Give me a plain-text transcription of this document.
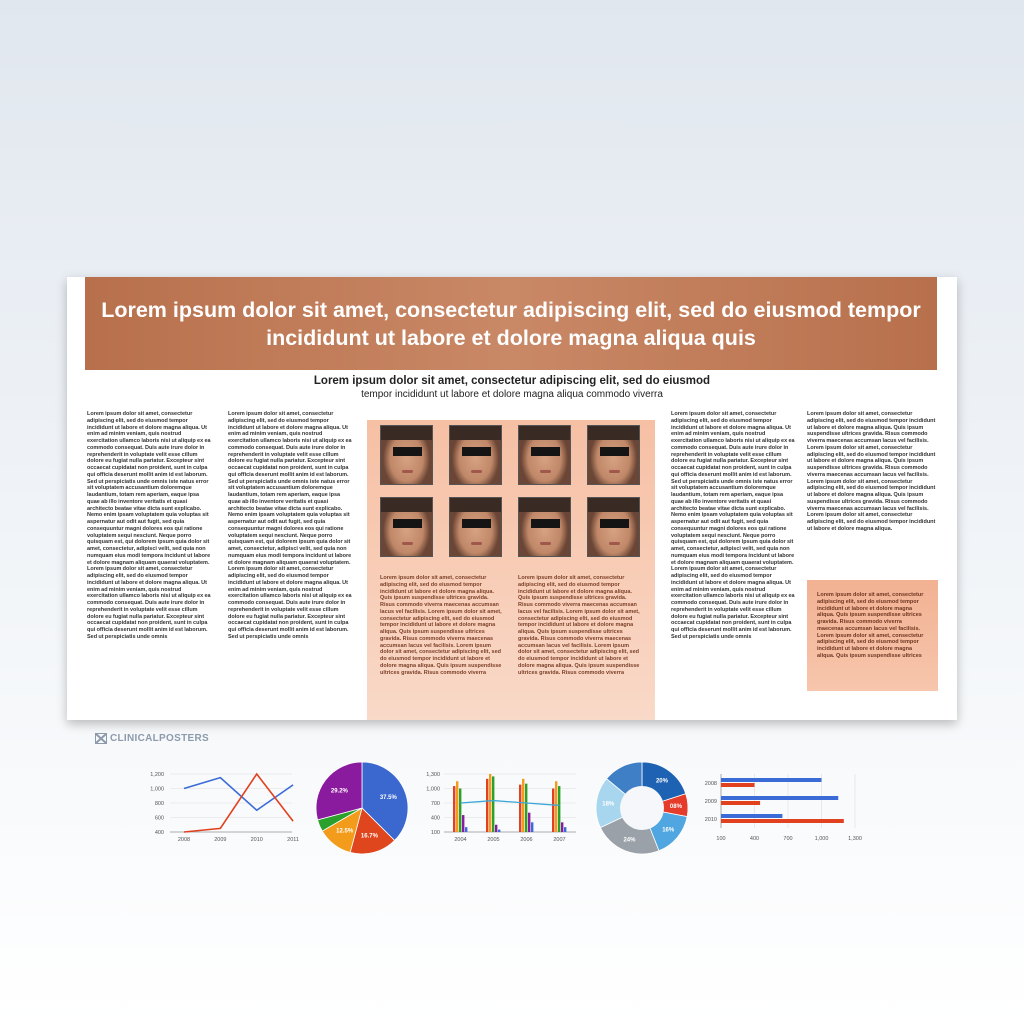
Lorem ipsum dolor sit amet, consectetur adipiscing elit, sed do eiusmod tempor incididunt ut labore et dolore magna aliqua quis
Lorem ipsum dolor sit amet, consectetur adipiscing elit, sed do eiusmod
tempor incididunt ut labore et dolore magna aliqua commodo viverra
Lorem ipsum dolor sit amet, consectetur adipiscing elit, sed do eiusmod tempor incididunt ut labore et dolore magna aliqua. Ut enim ad minim veniam, quis nostrud exercitation ullamco laboris nisi ut aliquip ex ea commodo consequat. Duis aute irure dolor in reprehenderit in voluptate velit esse cillum dolore eu fugiat nulla pariatur. Excepteur sint occaecat cupidatat non proident, sunt in culpa qui officia deserunt mollit anim id est laborum. Sed ut perspiciatis unde omnis iste natus error sit voluptatem accusantium doloremque laudantium, totam rem aperiam, eaque ipsa quae ab illo inventore veritatis et quasi architecto beatae vitae dicta sunt explicabo. Nemo enim ipsam voluptatem quia voluptas sit aspernatur aut odit aut fugit, sed quia consequuntur magni dolores eos qui ratione voluptatem sequi nesciunt. Neque porro quisquam est, qui dolorem ipsum quia dolor sit amet, consectetur, adipisci velit, sed quia non numquam eius modi tempora incidunt ut labore et dolore magnam aliquam quaerat voluptatem. Lorem ipsum dolor sit amet, consectetur adipiscing elit, sed do eiusmod tempor incididunt ut labore et dolore magna aliqua. Ut enim ad minim veniam, quis nostrud exercitation ullamco laboris nisi ut aliquip ex ea commodo consequat. Duis aute irure dolor in reprehenderit in voluptate velit esse cillum dolore eu fugiat nulla pariatur. Excepteur sint occaecat cupidatat non proident, sunt in culpa qui officia deserunt mollit anim id est laborum. Sed ut perspiciatis unde omnis
Lorem ipsum dolor sit amet, consectetur adipiscing elit, sed do eiusmod tempor incididunt ut labore et dolore magna aliqua. Ut enim ad minim veniam, quis nostrud exercitation ullamco laboris nisi ut aliquip ex ea commodo consequat. Duis aute irure dolor in reprehenderit in voluptate velit esse cillum dolore eu fugiat nulla pariatur. Excepteur sint occaecat cupidatat non proident, sunt in culpa qui officia deserunt mollit anim id est laborum. Sed ut perspiciatis unde omnis iste natus error sit voluptatem accusantium doloremque laudantium, totam rem aperiam, eaque ipsa quae ab illo inventore veritatis et quasi architecto beatae vitae dicta sunt explicabo. Nemo enim ipsam voluptatem quia voluptas sit aspernatur aut odit aut fugit, sed quia consequuntur magni dolores eos qui ratione voluptatem sequi nesciunt. Neque porro quisquam est, qui dolorem ipsum quia dolor sit amet, consectetur, adipisci velit, sed quia non numquam eius modi tempora incidunt ut labore et dolore magnam aliquam quaerat voluptatem. Lorem ipsum dolor sit amet, consectetur adipiscing elit, sed do eiusmod tempor incididunt ut labore et dolore magna aliqua. Ut enim ad minim veniam, quis nostrud exercitation ullamco laboris nisi ut aliquip ex ea commodo consequat. Duis aute irure dolor in reprehenderit in voluptate velit esse cillum dolore eu fugiat nulla pariatur. Excepteur sint occaecat cupidatat non proident, sunt in culpa qui officia deserunt mollit anim id est laborum. Sed ut perspiciatis unde omnis
Lorem ipsum dolor sit amet, consectetur adipiscing elit, sed do eiusmod tempor incididunt ut labore et dolore magna aliqua. Quis ipsum suspendisse ultrices gravida. Risus commodo viverra maecenas accumsan lacus vel facilisis. Lorem ipsum dolor sit amet, consectetur adipiscing elit, sed do eiusmod tempor incididunt ut labore et dolore magna aliqua. Quis ipsum suspendisse ultrices gravida. Risus commodo viverra maecenas accumsan lacus vel facilisis. Lorem ipsum dolor sit amet, consectetur adipiscing elit, sed do eiusmod tempor incididunt ut labore et dolore magna aliqua. Quis ipsum suspendisse ultrices gravida. Risus commodo viverra
Lorem ipsum dolor sit amet, consectetur adipiscing elit, sed do eiusmod tempor incididunt ut labore et dolore magna aliqua. Quis ipsum suspendisse ultrices gravida. Risus commodo viverra maecenas accumsan lacus vel facilisis. Lorem ipsum dolor sit amet, consectetur adipiscing elit, sed do eiusmod tempor incididunt ut labore et dolore magna aliqua. Quis ipsum suspendisse ultrices gravida. Risus commodo viverra maecenas accumsan lacus vel facilisis. Lorem ipsum dolor sit amet, consectetur adipiscing elit, sed do eiusmod tempor incididunt ut labore et dolore magna aliqua. Quis ipsum suspendisse ultrices gravida. Risus commodo viverra
Lorem ipsum dolor sit amet, consectetur adipiscing elit, sed do eiusmod tempor incididunt ut labore et dolore magna aliqua. Ut enim ad minim veniam, quis nostrud exercitation ullamco laboris nisi ut aliquip ex ea commodo consequat. Duis aute irure dolor in reprehenderit in voluptate velit esse cillum dolore eu fugiat nulla pariatur. Excepteur sint occaecat cupidatat non proident, sunt in culpa qui officia deserunt mollit anim id est laborum. Sed ut perspiciatis unde omnis iste natus error sit voluptatem accusantium doloremque laudantium, totam rem aperiam, eaque ipsa quae ab illo inventore veritatis et quasi architecto beatae vitae dicta sunt explicabo. Nemo enim ipsam voluptatem quia voluptas sit aspernatur aut odit aut fugit, sed quia consequuntur magni dolores eos qui ratione voluptatem sequi nesciunt. Neque porro quisquam est, qui dolorem ipsum quia dolor sit amet, consectetur, adipisci velit, sed quia non numquam eius modi tempora incidunt ut labore et dolore magnam aliquam quaerat voluptatem. Lorem ipsum dolor sit amet, consectetur adipiscing elit, sed do eiusmod tempor incididunt ut labore et dolore magna aliqua. Ut enim ad minim veniam, quis nostrud exercitation ullamco laboris nisi ut aliquip ex ea commodo consequat. Duis aute irure dolor in reprehenderit in voluptate velit esse cillum dolore eu fugiat nulla pariatur. Excepteur sint occaecat cupidatat non proident, sunt in culpa qui officia deserunt mollit anim id est laborum. Sed ut perspiciatis unde omnis
Lorem ipsum dolor sit amet, consectetur adipiscing elit, sed do eiusmod tempor incididunt ut labore et dolore magna aliqua. Quis ipsum suspendisse ultrices gravida. Risus commodo viverra maecenas accumsan lacus vel facilisis. Lorem ipsum dolor sit amet, consectetur adipiscing elit, sed do eiusmod tempor incididunt ut labore et dolore magna aliqua. Quis ipsum suspendisse ultrices gravida. Risus commodo viverra maecenas accumsan lacus vel facilisis. Lorem ipsum dolor sit amet, consectetur adipiscing elit, sed do eiusmod tempor incididunt ut labore et dolore magna aliqua. Quis ipsum suspendisse ultrices gravida. Risus commodo viverra maecenas accumsan lacus vel facilisis. Lorem ipsum dolor sit amet, consectetur adipiscing elit, sed do eiusmod tempor incididunt ut labore et dolore magna aliqua.
Lorem ipsum dolor sit amet, consectetur adipiscing elit, sed do eiusmod tempor incididunt ut labore et dolore magna aliqua. Quis ipsum suspendisse ultrices gravida. Risus commodo viverra maecenas accumsan lacus vel facilisis. Lorem ipsum dolor sit amet, consectetur adipiscing elit, sed do eiusmod tempor incididunt ut labore et dolore magna aliqua. Quis ipsum suspendisse ultrices
CLINICALPOSTERS
1,200
1,000
800
600
400
2008	2009	2010	2011
37.5%
16.7%
12.5%
29.2%
1,300
1,000
700
400
100
2004	2005	2006	2007
20%
08%
16%
24%
18%
100	400	700	1,000	1,300
2008
2009
2010
